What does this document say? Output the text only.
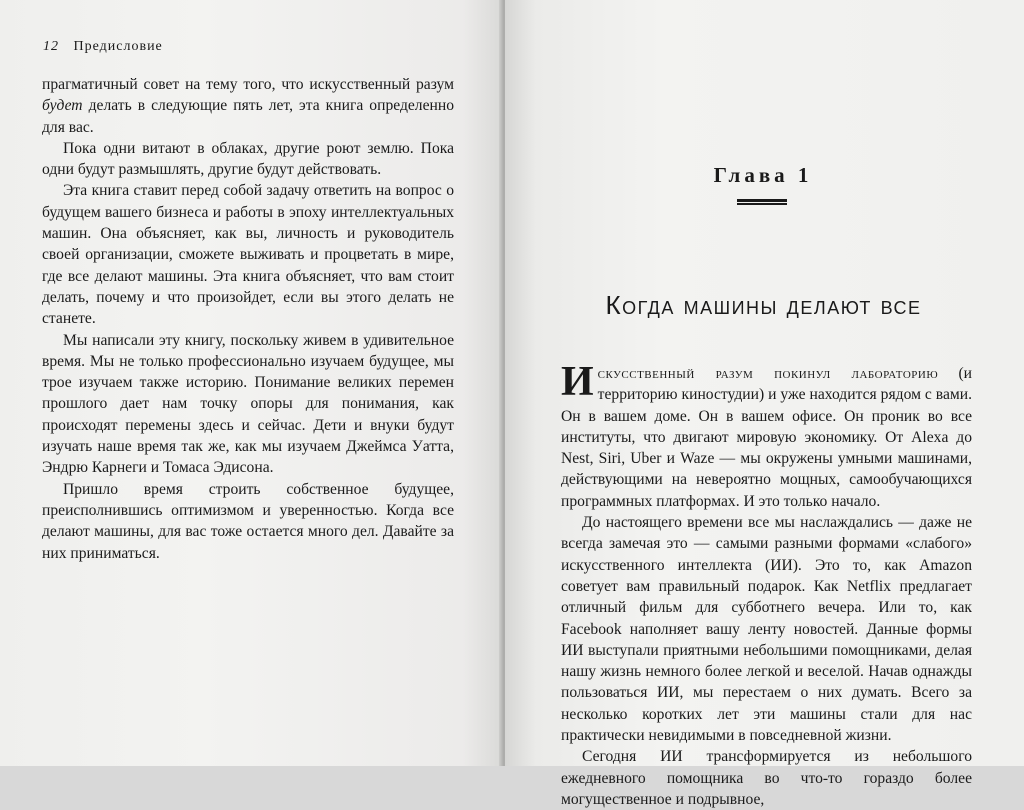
12 Предисловие

прагматичный совет на тему того, что искусственный разум будет делать в следующие пять лет, эта книга определенно для вас.

Пока одни витают в облаках, другие роют землю. Пока одни будут размышлять, другие будут действовать.

Эта книга ставит перед собой задачу ответить на вопрос о будущем вашего бизнеса и работы в эпоху интеллектуальных машин. Она объясняет, как вы, личность и руководитель своей организации, сможете выживать и процветать в мире, где все делают машины. Эта книга объясняет, что вам стоит делать, почему и что произойдет, если вы этого делать не станете.

Мы написали эту книгу, поскольку живем в удивительное время. Мы не только профессионально изучаем будущее, мы трое изучаем также историю. Понимание великих перемен прошлого дает нам точку опоры для понимания, как происходят перемены здесь и сейчас. Дети и внуки будут изучать наше время так же, как мы изучаем Джеймса Уатта, Эндрю Карнеги и Томаса Эдисона.

Пришло время строить собственное будущее, преисполнившись оптимизмом и уверенностью. Когда все делают машины, для вас тоже остается много дел. Давайте за них приниматься.

Глава 1
Когда машины делают все

Искусственный разум покинул лабораторию (и территорию киностудии) и уже находится рядом с вами. Он в вашем доме. Он в вашем офисе. Он проник во все институты, что двигают мировую экономику. От Alexa до Nest, Siri, Uber и Waze — мы окружены умными машинами, действующими на невероятно мощных, самообучающихся программных платформах. И это только начало.

До настоящего времени все мы наслаждались — даже не всегда замечая это — самыми разными формами «слабого» искусственного интеллекта (ИИ). Это то, как Amazon советует вам правильный подарок. Как Netflix предлагает отличный фильм для субботнего вечера. Или то, как Facebook наполняет вашу ленту новостей. Данные формы ИИ выступали приятными небольшими помощниками, делая нашу жизнь немного более легкой и веселой. Начав однажды пользоваться ИИ, мы перестаем о них думать. Всего за несколько коротких лет эти машины стали для нас практически невидимыми в повседневной жизни.

Сегодня ИИ трансформируется из небольшого ежедневного помощника во что-то гораздо более могущественное и подрывное,
